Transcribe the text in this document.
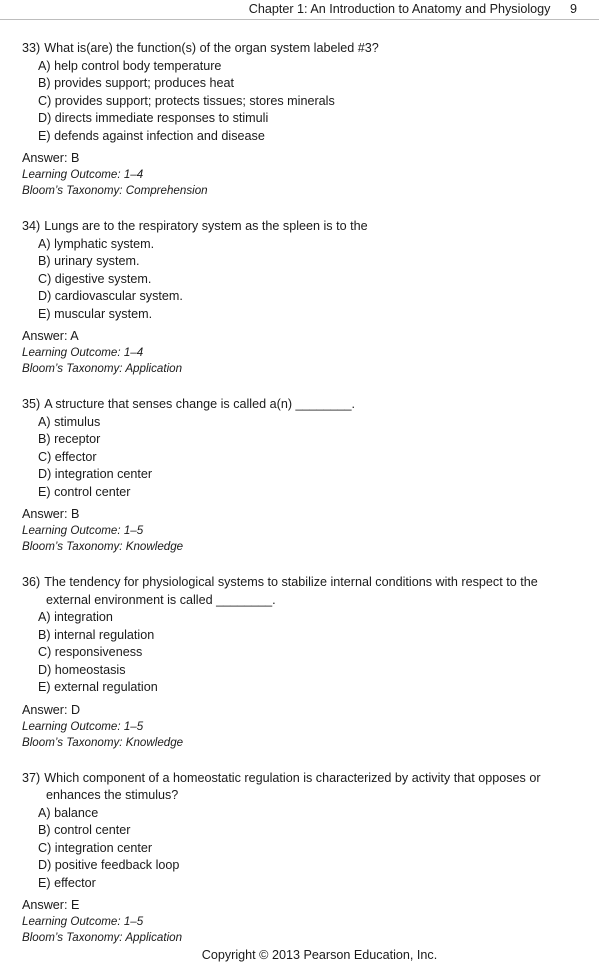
Chapter 1: An Introduction to Anatomy and Physiology 9
33) What is(are) the function(s) of the organ system labeled #3?
A) help control body temperature
B) provides support; produces heat
C) provides support; protects tissues; stores minerals
D) directs immediate responses to stimuli
E) defends against infection and disease
Answer: B
Learning Outcome: 1–4
Bloom’s Taxonomy: Comprehension
34) Lungs are to the respiratory system as the spleen is to the
A) lymphatic system.
B) urinary system.
C) digestive system.
D) cardiovascular system.
E) muscular system.
Answer: A
Learning Outcome: 1–4
Bloom’s Taxonomy: Application
35) A structure that senses change is called a(n) ________.
A) stimulus
B) receptor
C) effector
D) integration center
E) control center
Answer: B
Learning Outcome: 1–5
Bloom’s Taxonomy: Knowledge
36) The tendency for physiological systems to stabilize internal conditions with respect to the external environment is called ________.
A) integration
B) internal regulation
C) responsiveness
D) homeostasis
E) external regulation
Answer: D
Learning Outcome: 1–5
Bloom’s Taxonomy: Knowledge
37) Which component of a homeostatic regulation is characterized by activity that opposes or enhances the stimulus?
A) balance
B) control center
C) integration center
D) positive feedback loop
E) effector
Answer: E
Learning Outcome: 1–5
Bloom’s Taxonomy: Application
Copyright © 2013 Pearson Education, Inc.
